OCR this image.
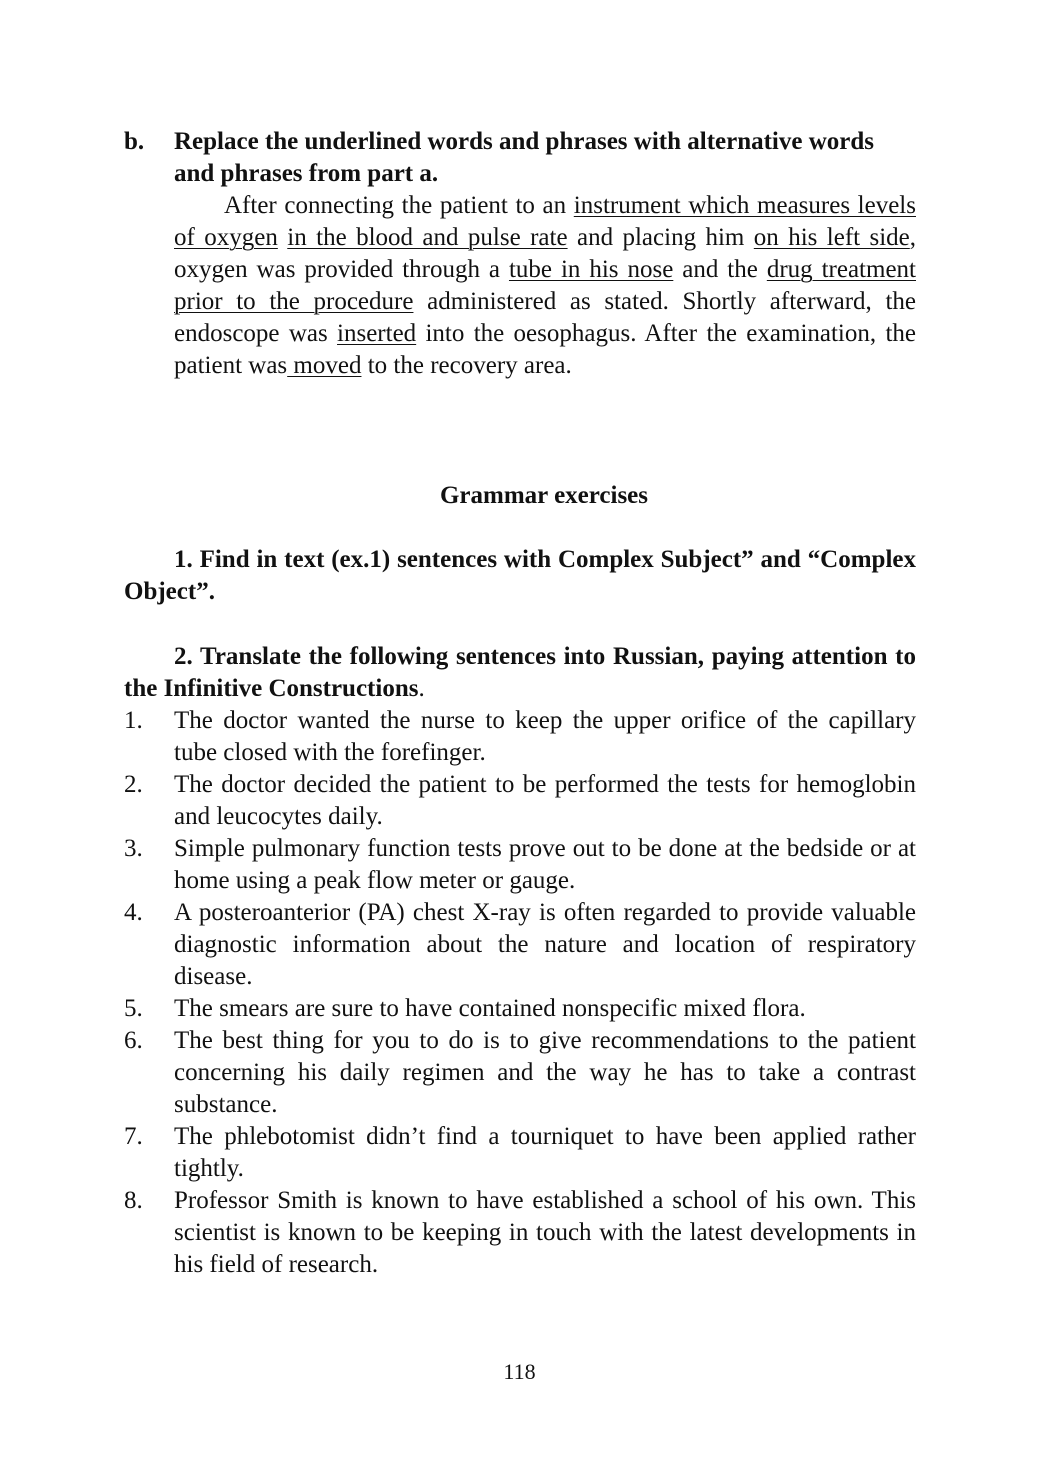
b. Replace the underlined words and phrases with alternative words and phrases from part a.
After connecting the patient to an instrument which measures levels of oxygen in the blood and pulse rate and placing him on his left side, oxygen was provided through a tube in his nose and the drug treatment prior to the procedure administered as stated. Shortly afterward, the endoscope was inserted into the oesophagus. After the examination, the patient was moved to the recovery area.
Grammar exercises
1. Find in text (ex.1) sentences with Complex Subject” and “Complex Object”.
2. Translate the following sentences into Russian, paying attention to the Infinitive Constructions.
1. The doctor wanted the nurse to keep the upper orifice of the capillary tube closed with the forefinger.
2. The doctor decided the patient to be performed the tests for hemoglobin and leucocytes daily.
3. Simple pulmonary function tests prove out to be done at the bedside or at home using a peak flow meter or gauge.
4. A posteroanterior (PA) chest X-ray is often regarded to provide valuable diagnostic information about the nature and location of respiratory disease.
5. The smears are sure to have contained nonspecific mixed flora.
6. The best thing for you to do is to give recommendations to the patient concerning his daily regimen and the way he has to take a contrast substance.
7. The phlebotomist didn’t find a tourniquet to have been applied rather tightly.
8. Professor Smith is known to have established a school of his own. This scientist is known to be keeping in touch with the latest developments in his field of research.
118
